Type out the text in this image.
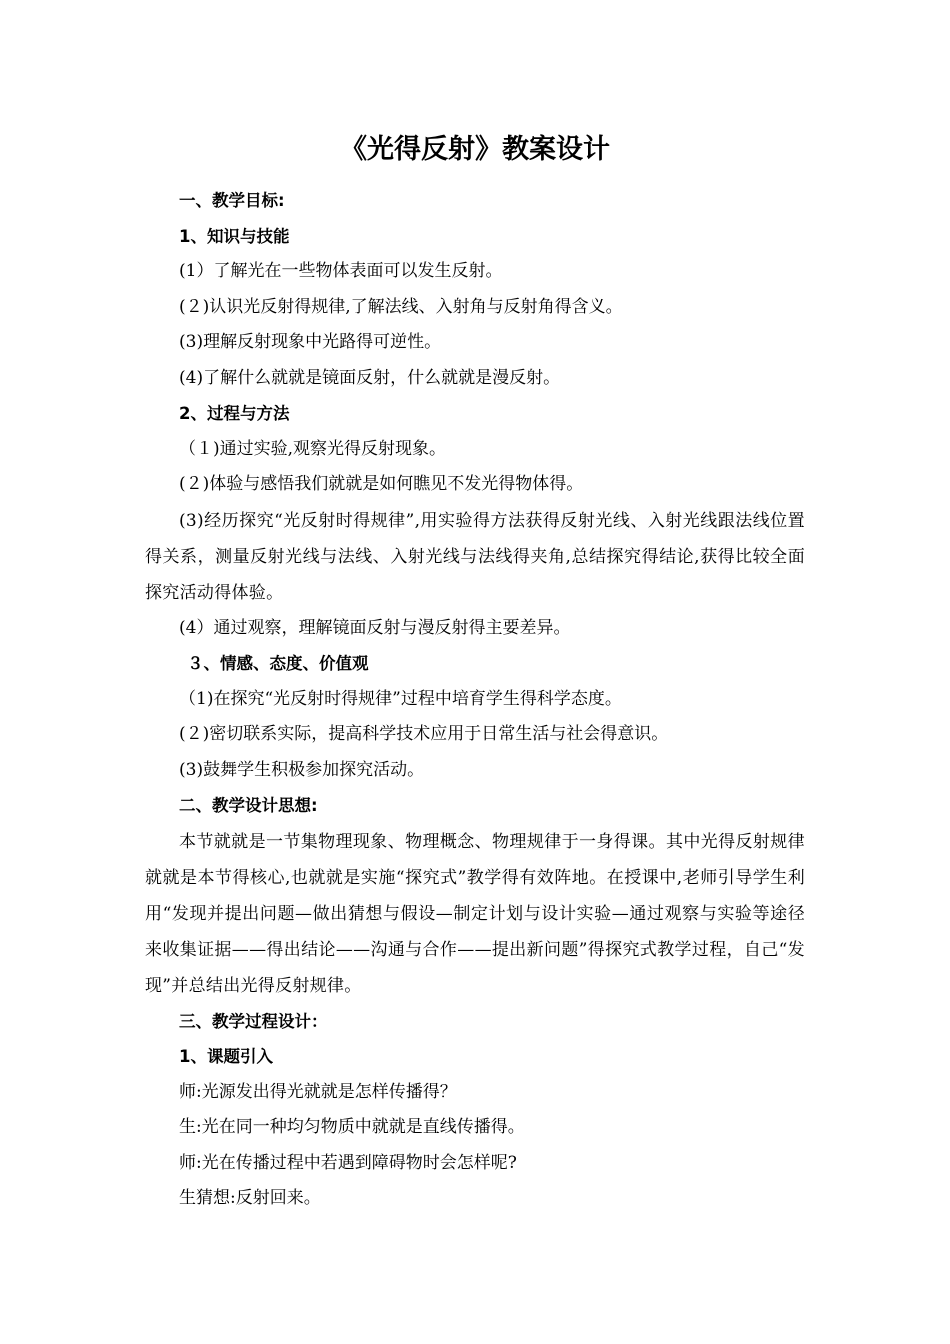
《光得反射》教案设计
一、教学目标:
1、知识与技能
(1）了解光在一些物体表面可以发生反射。
(２)认识光反射得规律,了解法线、入射角与反射角得含义。
(3)理解反射现象中光路得可逆性。
(4)了解什么就就是镜面反射，什么就就是漫反射。
2、过程与方法
（１)通过实验,观察光得反射现象。
(２)体验与感悟我们就就是如何瞧见不发光得物体得。
(3)经历探究“光反射时得规律”,用实验得方法获得反射光线、入射光线跟法线位置得关系，测量反射光线与法线、入射光线与法线得夹角,总结探究得结论,获得比较全面探究活动得体验。
(4）通过观察，理解镜面反射与漫反射得主要差异。
３、情感、态度、价值观
（1)在探究“光反射时得规律”过程中培育学生得科学态度。
(２)密切联系实际，提高科学技术应用于日常生活与社会得意识。
(3)鼓舞学生积极参加探究活动。
二、教学设计思想:
本节就就是一节集物理现象、物理概念、物理规律于一身得课。其中光得反射规律就就是本节得核心,也就就是实施“探究式”教学得有效阵地。在授课中,老师引导学生利用“发现并提出问题—做出猜想与假设—制定计划与设计实验—通过观察与实验等途径来收集证据——得出结论——沟通与合作——提出新问题”得探究式教学过程，自己“发现”并总结出光得反射规律。
三、教学过程设计：
1、课题引入
师:光源发出得光就就是怎样传播得？
生:光在同一种均匀物质中就就是直线传播得。
师:光在传播过程中若遇到障碍物时会怎样呢?
生猜想:反射回来。
